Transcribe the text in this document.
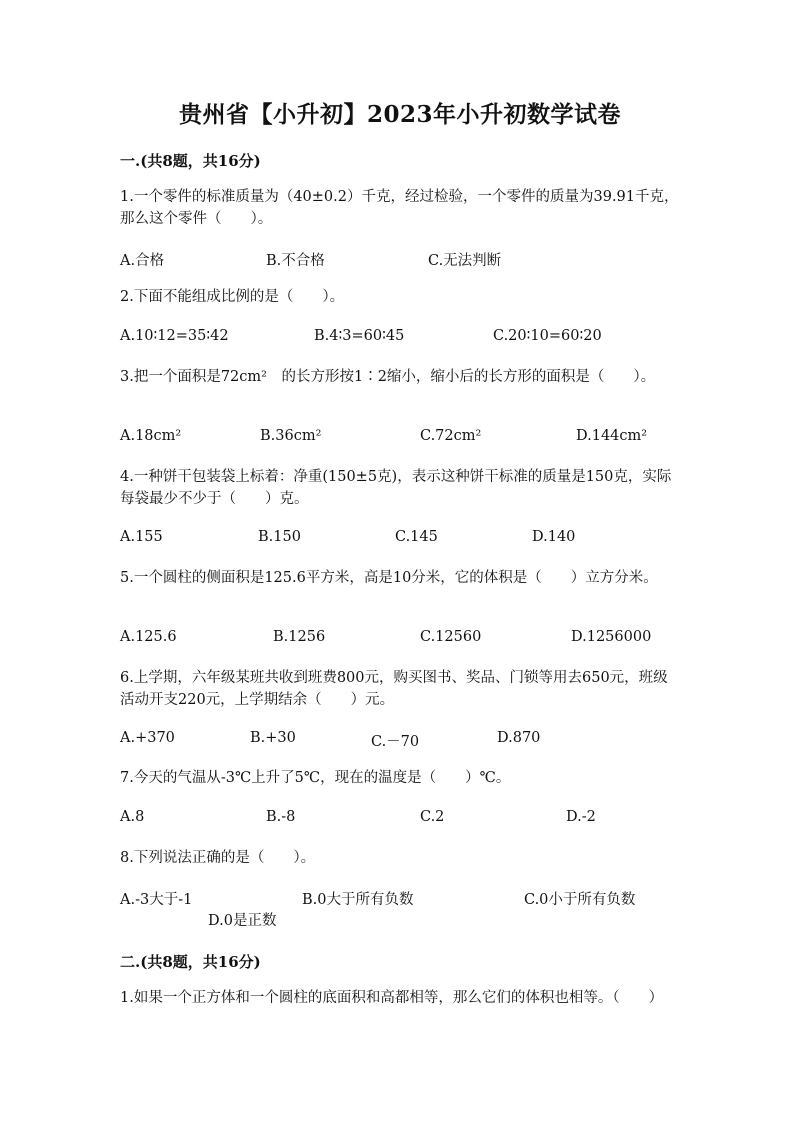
贵州省【小升初】2023年小升初数学试卷
一.(共8题，共16分)
1.一个零件的标准质量为（40±0.2）千克，经过检验，一个零件的质量为39.91千克，那么这个零件（　　）。
A.合格	B.不合格	C.无法判断
2.下面不能组成比例的是（　　）。
A.10∶12=35∶42	B.4∶3=60∶45	C.20∶10=60∶20
3.把一个面积是72cm²　的长方形按1∶2缩小，缩小后的长方形的面积是（　　）。
A.18cm²	B.36cm²	C.72cm²	D.144cm²
4.一种饼干包装袋上标着：净重(150±5克)，表示这种饼干标准的质量是150克，实际每袋最少不少于（　　）克。
A.155	B.150	C.145	D.140
5.一个圆柱的侧面积是125.6平方米，高是10分米，它的体积是（　　）立方分米。
A.125.6	B.1256	C.12560	D.1256000
6.上学期，六年级某班共收到班费800元，购买图书、奖品、门锁等用去650元，班级活动开支220元，上学期结余（　　）元。
A.+370	B.+30	C.－70	D.870
7.今天的气温从-3℃上升了5℃，现在的温度是（　　）℃。
A.8	B.-8	C.2	D.-2
8.下列说法正确的是（　　）。
A.-3大于-1	B.0大于所有负数	C.0小于所有负数
D.0是正数
二.(共8题，共16分)
1.如果一个正方体和一个圆柱的底面积和高都相等，那么它们的体积也相等。（　　）
